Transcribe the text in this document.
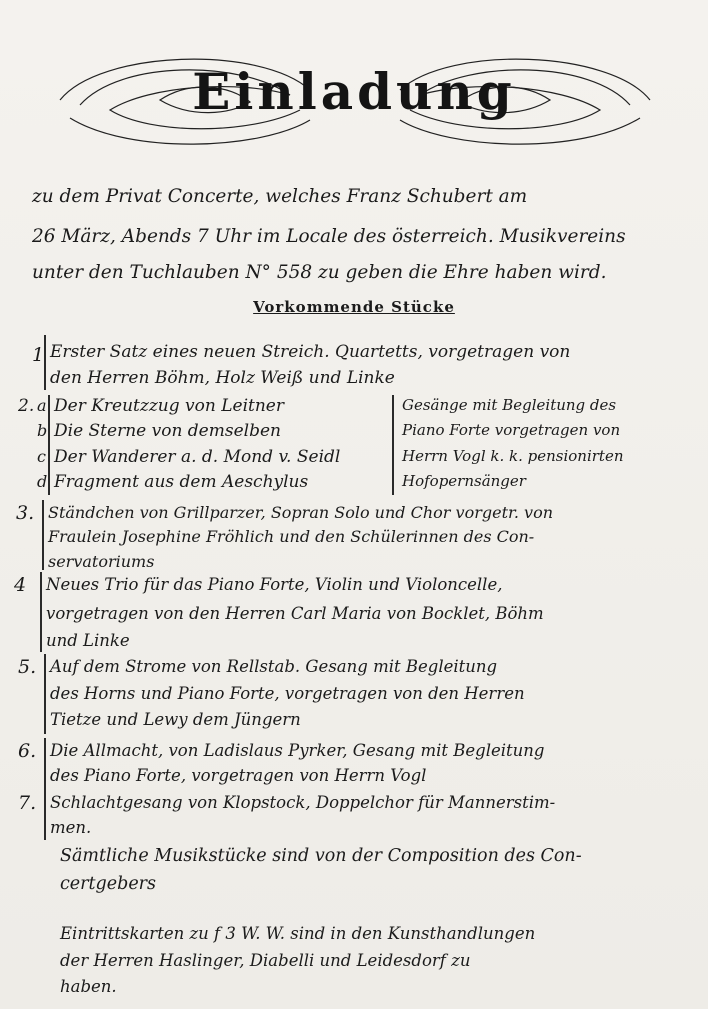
Einladung
zu dem Privat Concerte, welches Franz Schubert am
26 März, Abends 7 Uhr im Locale des österreich. Musikvereins
unter den Tuchlauben N° 558 zu geben die Ehre haben wird.
Vorkommende Stücke
1 Erster Satz eines neuen Streich. Quartetts, vorgetragen von
den Herren Böhm, Holz Weiß und Linke
2. a Der Kreutzzug von Leitner
b Die Sterne von demselben
c Der Wanderer a. d. Mond v. Seidl
d Fragment aus dem Aeschylus
Gesänge mit Begleitung des
Piano Forte vorgetragen von
Herrn Vogl k. k. pensionirten
Hofopernsänger
3. Ständchen von Grillparzer, Sopran Solo und Chor vorgetr. von
Fraulein Josephine Fröhlich und den Schülerinnen des Con-
servatoriums
4 Neues Trio für das Piano Forte, Violin und Violoncelle,
vorgetragen von den Herren Carl Maria von Bocklet, Böhm
und Linke
5. Auf dem Strome von Rellstab. Gesang mit Begleitung
des Horns und Piano Forte, vorgetragen von den Herren
Tietze und Lewy dem Jüngern
6. Die Allmacht, von Ladislaus Pyrker, Gesang mit Begleitung
des Piano Forte, vorgetragen von Herrn Vogl
7. Schlachtgesang von Klopstock, Doppelchor für Mannerstim-
men.
Sämtliche Musikstücke sind von der Composition des Con-
certgebers
Eintrittskarten zu f 3 W. W. sind in den Kunsthandlungen
der Herren Haslinger, Diabelli und Leidesdorf zu
haben.
